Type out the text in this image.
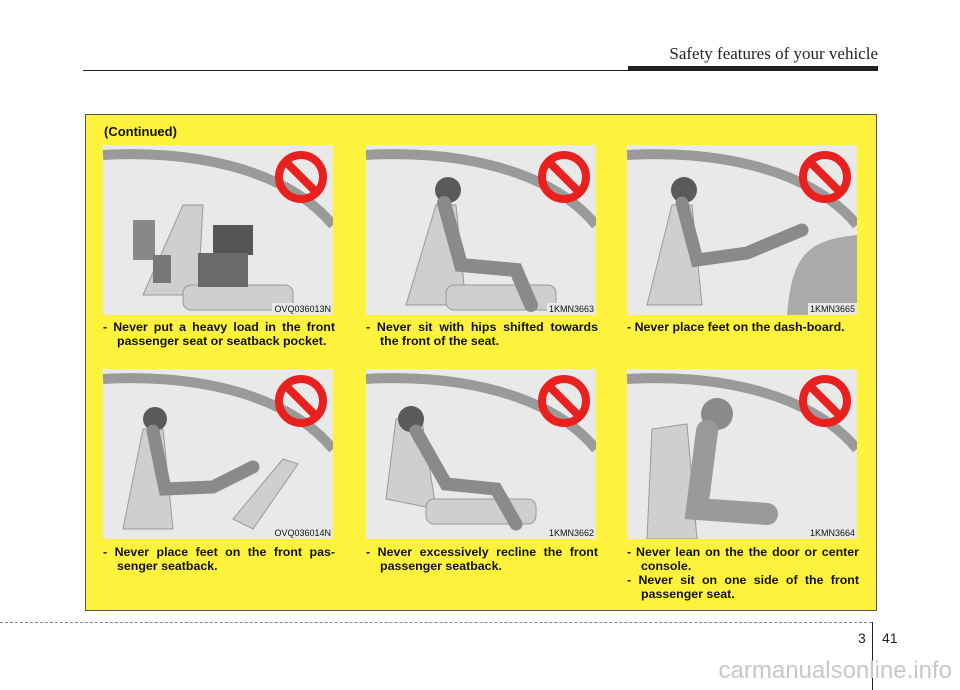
Safety features of your vehicle
(Continued)
OVQ036013N	1KMN3663	1KMN3665
OVQ036014N	1KMN3662	1KMN3664
- Never put a heavy load in the front passenger seat or seatback pocket.
- Never sit with hips shifted towards the front of the seat.
- Never place feet on the dash-board.
- Never place feet on the front pas-senger seatback.
- Never excessively recline the front passenger seatback.
- Never lean on the the door or center console.
- Never sit on one side of the front passenger seat.
3 41
carmanualsonline.info
